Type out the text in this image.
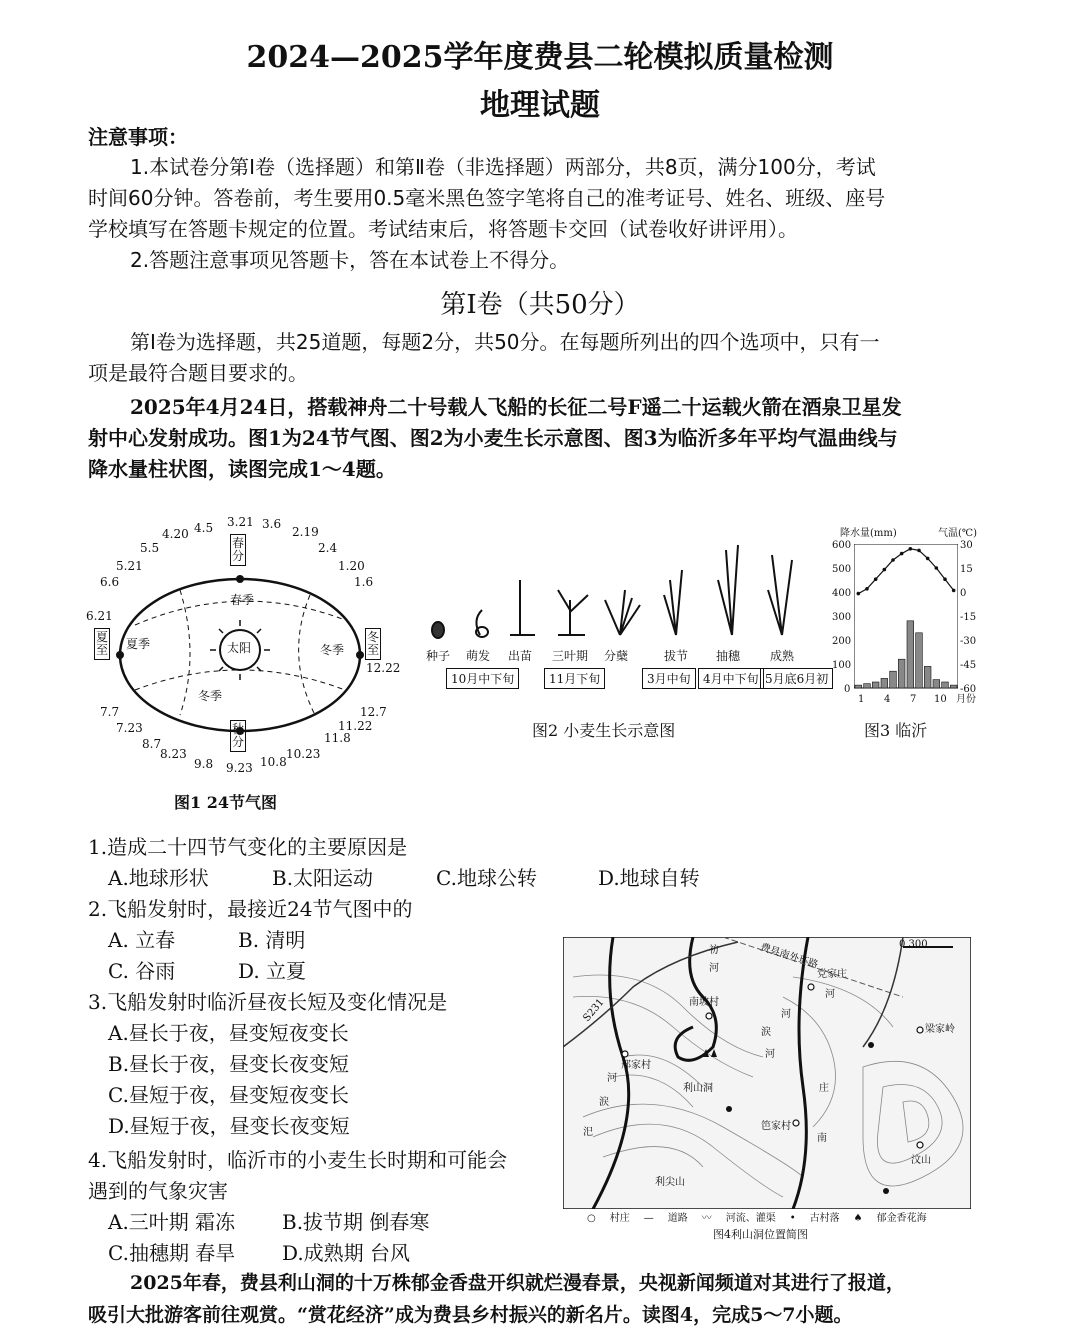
2024—2025学年度费县二轮模拟质量检测
地理试题
注意事项：
1.本试卷分第Ⅰ卷（选择题）和第Ⅱ卷（非选择题）两部分，共8页，满分100分，考试
时间60分钟。答卷前，考生要用0.5毫米黑色签字笔将自己的准考证号、姓名、班级、座号
学校填写在答题卡规定的位置。考试结束后，将答题卡交回（试卷收好讲评用）。
2.答题注意事项见答题卡，答在本试卷上不得分。
第Ⅰ卷（共50分）
第Ⅰ卷为选择题，共25道题，每题2分，共50分。在每题所列出的四个选项中，只有一
项是最符合题目要求的。
2025年4月24日，搭载神舟二十号载人飞船的长征二号F遥二十运载火箭在酒泉卫星发
射中心发射成功。图1为24节气图、图2为小麦生长示意图、图3为临沂多年平均气温曲线与
降水量柱状图，读图完成1～4题。
太阳
春季
夏季	冬季
冬季
3.21
春分
3.6
2.19
2.4
1.20
1.6
冬至
12.22
12.7
11.22
11.8
10.23
10.8
秋分
9.23
9.8
8.23
8.7
7.23
7.7
6.21
夏至
6.6
5.21
5.5
4.20 4.5
图1 24节气图
种子 萌发 出苗 三叶期 分蘖	拔节 抽穗 成熟
10月中下旬	11月下旬	3月中旬	4月中下旬 5月底6月初
图2 小麦生长示意图
降水量(mm)	气温(℃)
600
500
400
300
200
100
0
30
15
0
-15
-30
-45
-60
1 4 7 10 月份
图3 临沂
1.造成二十四节气变化的主要原因是
A.地球形状	B.太阳运动	C.地球公转	D.地球自转
2.飞船发射时，最接近24节气图中的
A. 立春	B. 清明
C. 谷雨	D. 立夏
3.飞船发射时临沂昼夜长短及变化情况是
A.昼长于夜，昼变短夜变长
B.昼长于夜，昼变长夜变短
C.昼短于夜，昼变短夜变长
D.昼短于夜，昼变长夜变短
4.飞船发射时，临沂市的小麦生长时期和可能会
遇到的气象灾害
A.三叶期 霜冻 B.拔节期 倒春寒
C.抽穗期 春旱 D.成熟期 台风
0 300
费县南外环路
S231	南坡村
党家庄
梁家岭
邢家村
利山洞
笆家村
利尖山
汶山
祊
河
涙
河
汜
涙
河
河
庄
南
河
○ 村庄 — 道路 〰 河流、灌渠 • 古村落 ♠ 郁金香花海
图4利山洞位置简图
2025年春，费县利山洞的十万株郁金香盘开织就烂漫春景，央视新闻频道对其进行了报道，
吸引大批游客前往观赏。“赏花经济”成为费县乡村振兴的新名片。读图4，完成5～7小题。
